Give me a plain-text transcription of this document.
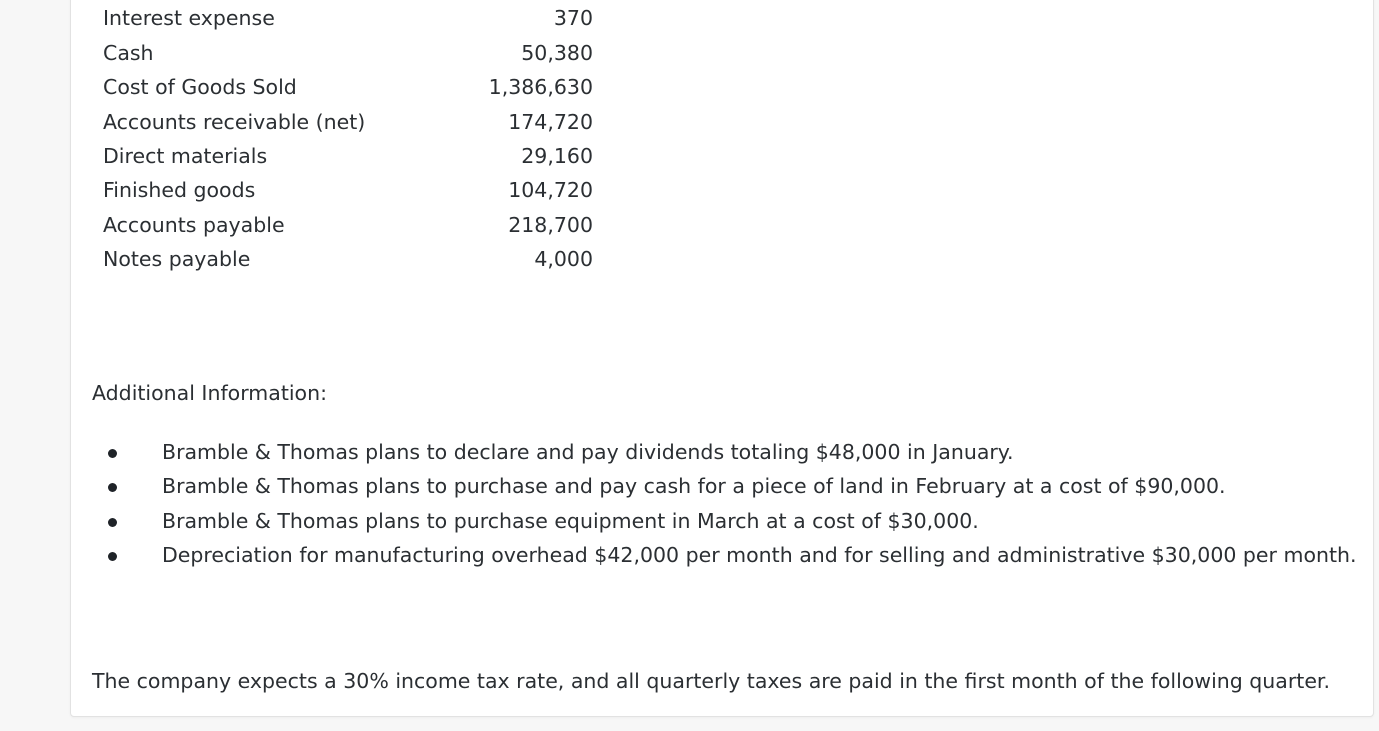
Interest expense	370
Cash	50,380
Cost of Goods Sold	1,386,630
Accounts receivable (net)	174,720
Direct materials	29,160
Finished goods	104,720
Accounts payable	218,700
Notes payable	4,000
Additional Information:
Bramble & Thomas plans to declare and pay dividends totaling $48,000 in January.
Bramble & Thomas plans to purchase and pay cash for a piece of land in February at a cost of $90,000.
Bramble & Thomas plans to purchase equipment in March at a cost of $30,000.
Depreciation for manufacturing overhead $42,000 per month and for selling and administrative $30,000 per month.
The company expects a 30% income tax rate, and all quarterly taxes are paid in the first month of the following quarter.
